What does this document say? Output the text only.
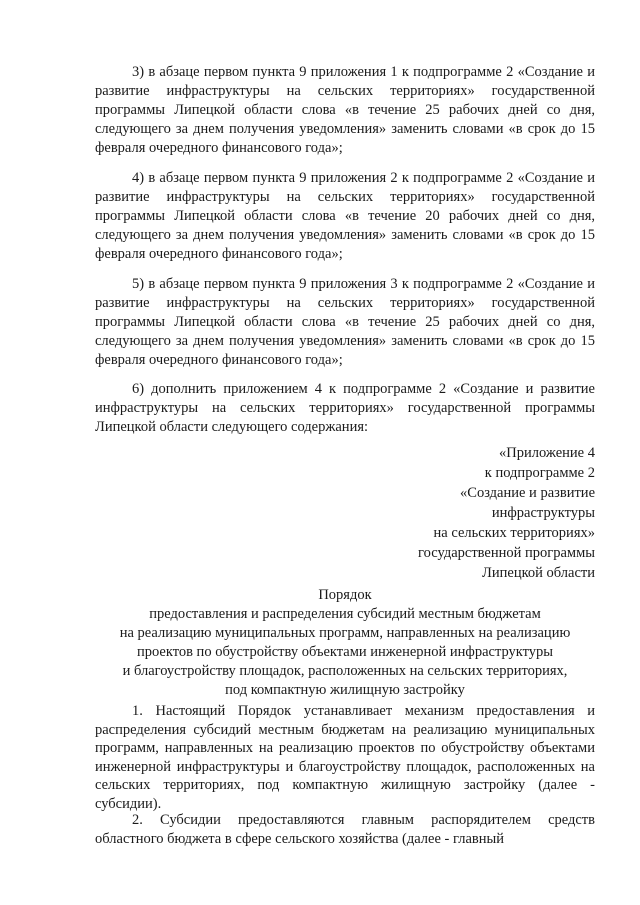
3) в абзаце первом пункта 9 приложения 1 к подпрограмме 2 «Создание и развитие инфраструктуры на сельских территориях» государственной программы Липецкой области слова «в течение 25 рабочих дней со дня, следующего за днем получения уведомления» заменить словами «в срок до 15 февраля очередного финансового года»;

4) в абзаце первом пункта 9 приложения 2 к подпрограмме 2 «Создание и развитие инфраструктуры на сельских территориях» государственной программы Липецкой области слова «в течение 20 рабочих дней со дня, следующего за днем получения уведомления» заменить словами «в срок до 15 февраля очередного финансового года»;

5) в абзаце первом пункта 9 приложения 3 к подпрограмме 2 «Создание и развитие инфраструктуры на сельских территориях» государственной программы Липецкой области слова «в течение 25 рабочих дней со дня, следующего за днем получения уведомления» заменить словами «в срок до 15 февраля очередного финансового года»;

6) дополнить приложением 4 к подпрограмме 2 «Создание и развитие инфраструктуры на сельских территориях» государственной программы Липецкой области следующего содержания:

«Приложение 4
к подпрограмме 2
«Создание и развитие
инфраструктуры
на сельских территориях»
государственной программы
Липецкой области
Порядок
предоставления и распределения субсидий местным бюджетам
на реализацию муниципальных программ, направленных на реализацию
проектов по обустройству объектами инженерной инфраструктуры
и благоустройству площадок, расположенных на сельских территориях,
под компактную жилищную застройку

1. Настоящий Порядок устанавливает механизм предоставления и распределения субсидий местным бюджетам на реализацию муниципальных программ, направленных на реализацию проектов по обустройству объектами инженерной инфраструктуры и благоустройству площадок, расположенных на сельских территориях, под компактную жилищную застройку (далее - субсидии).

2. Субсидии предоставляются главным распорядителем средств областного бюджета в сфере сельского хозяйства (далее - главный
